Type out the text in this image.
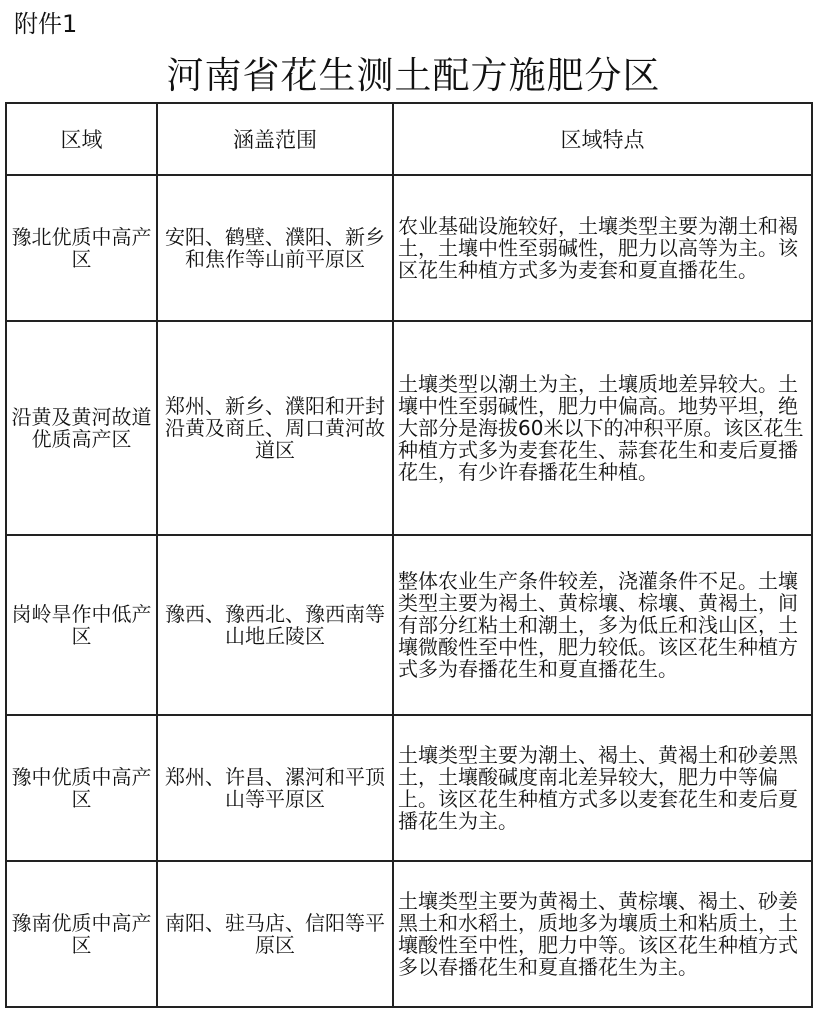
附件1
河南省花生测土配方施肥分区
区域	涵盖范围	区域特点
豫北优质中高产区	安阳、鹤壁、濮阳、新乡和焦作等山前平原区	农业基础设施较好，土壤类型主要为潮土和褐土，土壤中性至弱碱性，肥力以高等为主。该区花生种植方式多为麦套和夏直播花生。
沿黄及黄河故道优质高产区	郑州、新乡、濮阳和开封沿黄及商丘、周口黄河故道区	土壤类型以潮土为主，土壤质地差异较大。土壤中性至弱碱性，肥力中偏高。地势平坦，绝大部分是海拔60米以下的冲积平原。该区花生种植方式多为麦套花生、蒜套花生和麦后夏播花生，有少许春播花生种植。
岗岭旱作中低产区	豫西、豫西北、豫西南等山地丘陵区	整体农业生产条件较差，浇灌条件不足。土壤类型主要为褐土、黄棕壤、棕壤、黄褐土，间有部分红粘土和潮土，多为低丘和浅山区，土壤微酸性至中性，肥力较低。该区花生种植方式多为春播花生和夏直播花生。
豫中优质中高产区	郑州、许昌、漯河和平顶山等平原区	土壤类型主要为潮土、褐土、黄褐土和砂姜黑土，土壤酸碱度南北差异较大，肥力中等偏上。该区花生种植方式多以麦套花生和麦后夏播花生为主。
豫南优质中高产区	南阳、驻马店、信阳等平原区	土壤类型主要为黄褐土、黄棕壤、褐土、砂姜黑土和水稻土，质地多为壤质土和粘质土，土壤酸性至中性，肥力中等。该区花生种植方式多以春播花生和夏直播花生为主。
